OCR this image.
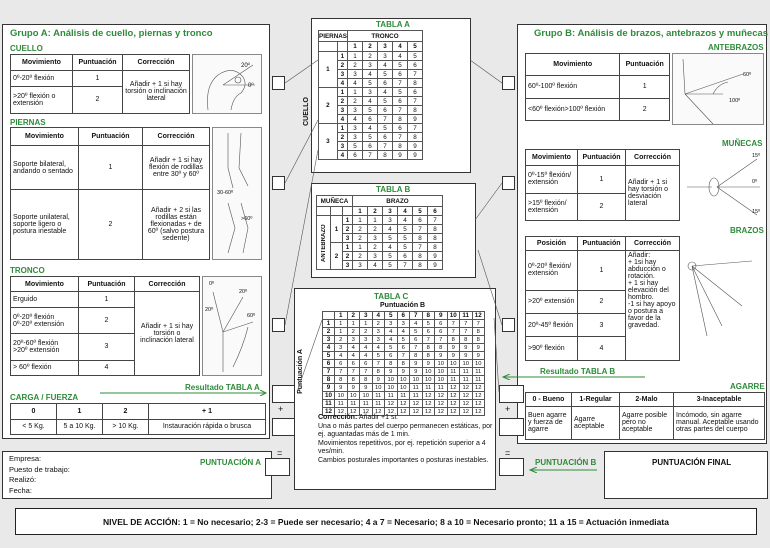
Grupo A: Análisis de cuello, piernas y tronco
CUELLO
Movimiento	Puntuación	Corrección
0º-20º flexión	1	Añadir + 1 si hay torsión o inclinación lateral
>20º flexión o extensión	2	
20º
0º
PIERNAS
Movimiento	Puntuación	Corrección
Soporte bilateral, andando o sentado	1	Añadir + 1 si hay flexión de rodillas entre 30º y 60º
Soporte unilateral, soporte ligero o postura inestable	2	Añadir + 2 si las rodillas están flexionadas + de 60º (salvo postura sedente)
30-60º
>60º
TRONCO
Movimiento	Puntuación	Corrección
Erguido	1	Añadir + 1 si hay torsión o inclinación lateral
0º-20º flexión
0º-20º extensión	2	
20º-60º flexión
>20º extensión	3	
> 60º flexión	4	
0º
20º
60º
20º
Resultado TABLA A
CARGA / FUERZA
0	1	2	+ 1
< 5 Kg.	5 a 10 Kg.	> 10 Kg.	Instauración rápida o brusca
+
Empresa:
Puesto de trabajo:
Realizó:
Fecha:
PUNTUACIÓN A
=
TABLA A
PIERNAS		TRONCO				
		1	2	3	4	5
1	1	1	2	3	4	5
	2	2	3	4	5	6
	3	3	4	5	6	7
	4	4	5	6	7	8
2	1	1	3	4	5	6
	2	2	4	5	6	7
	3	3	5	6	7	8
	4	4	6	7	8	9
3	1	3	4	5	6	7
	2	3	5	6	7	8
	3	5	6	7	8	9
	4	6	7	8	9	9
TABLA B
MUÑECA			BRAZO					
			1	2	3	4	5	6
ANTEBRAZO	1	1	1	1	3	4	6	7
		2	2	2	4	5	7	8
		3	2	3	5	5	8	8
	2	1	1	2	4	5	7	8
		2	2	3	5	6	8	9
		3	3	4	5	7	8	9
TABLA C
Puntuación B
Puntuación A
	1	2	3	4	5	6	7	8	9	10	11	12
1	1	1	1	2	3	3	4	5	6	7	7	7
2	1	2	2	3	4	4	5	6	6	7	7	8
3	2	3	3	3	4	5	6	7	7	8	8	8
4	3	4	4	4	5	6	7	8	8	9	9	9
5	4	4	4	5	6	7	8	8	9	9	9	9
6	6	6	6	7	8	8	9	9	10	10	10	10
7	7	7	7	8	9	9	9	10	10	11	11	11
8	8	8	8	9	10	10	10	10	10	11	11	11
9	9	9	9	10	10	10	11	11	11	12	12	12
10	10	10	10	11	11	11	11	12	12	12	12	12
11	11	11	11	11	12	12	12	12	12	12	12	12
12	12	12	12	12	12	12	12	12	12	12	12	12
Corrección: Añadir +1 si:
Una o más partes del cuerpo permanecen estáticas, por ej. aguantadas más de 1 min.
Movimientos repetitivos, por ej. repetición superior a 4 ves/min.
Cambios posturales importantes o posturas inestables.
Grupo B: Análisis de brazos, antebrazos y muñecas
ANTEBRAZOS
Movimiento	Puntuación
60º-100º flexión	1
<60º flexión>100º flexión	2
100º
60º
MUÑECAS
Movimiento	Puntuación	Corrección
0º-15º flexión/ extensión	1	Añadir + 1 si hay torsión o desviación lateral
>15º flexión/ extensión	2	
15º
0º
15º
BRAZOS
Posición	Puntuación	Corrección
0º-20º flexión/ extensión	1	Añadir:
+ 1si hay abducción o rotación.
+ 1 si hay elevación del hombro.
-1 si hay apoyo o postura a favor de la gravedad.
>20º extensión	2	
20º-45º flexión	3	
>90º flexión	4	
Resultado TABLA B
AGARRE
0 - Bueno	1-Regular	2-Malo	3-Inaceptable
Buen agarre y fuerza de agarre	Agarre aceptable	Agarre posible pero no aceptable	Incómodo, sin agarre manual. Aceptable usando otras partes del cuerpo
+
=
PUNTUACIÓN B	PUNTUACIÓN FINAL
NIVEL DE ACCIÓN: 1 = No necesario; 2-3 = Puede ser necesario; 4 a 7 = Necesario; 8 a 10 = Necesario pronto; 11 a 15 = Actuación inmediata
CUELLO
